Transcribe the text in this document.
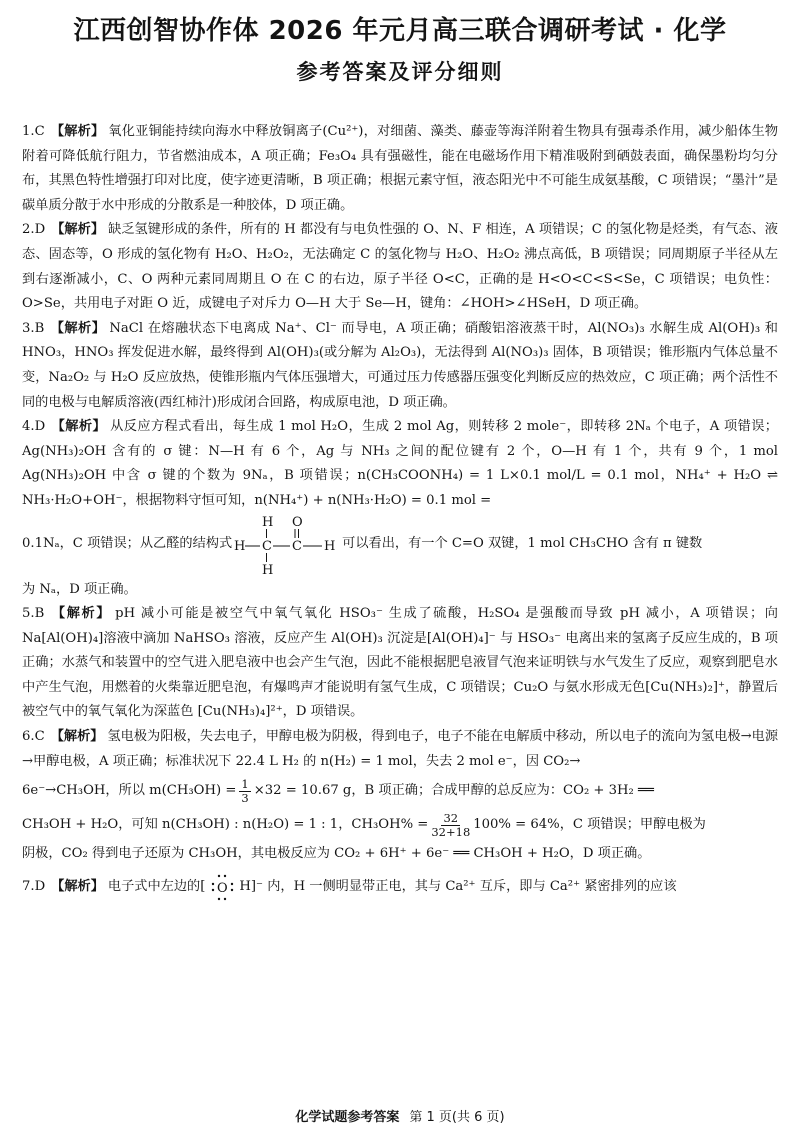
江西创智协作体 2026 年元月高三联合调研考试 · 化学
参考答案及评分细则

1.C 【解析】 氧化亚铜能持续向海水中释放铜离子(Cu²⁺)，对细菌、藻类、藤壶等海洋附着生物具有强毒杀作用，减少船体生物附着可降低航行阻力，节省燃油成本，A 项正确；Fe₃O₄ 具有强磁性，能在电磁场作用下精准吸附到硒鼓表面，确保墨粉均匀分布，其黑色特性增强打印对比度，使字迹更清晰，B 项正确；根据元素守恒，液态阳光中不可能生成氨基酸，C 项错误；“墨汁”是碳单质分散于水中形成的分散系是一种胶体，D 项正确。

2.D 【解析】 缺乏氢键形成的条件，所有的 H 都没有与电负性强的 O、N、F 相连，A 项错误；C 的氢化物是烃类，有气态、液态、固态等，O 形成的氢化物有 H₂O、H₂O₂，无法确定 C 的氢化物与 H₂O、H₂O₂ 沸点高低，B 项错误；同周期原子半径从左到右逐渐减小，C、O 两种元素同周期且 O 在 C 的右边，原子半径 O<C，正确的是 H<O<C<S<Se，C 项错误；电负性：O>Se，共用电子对距 O 近，成键电子对斥力 O—H 大于 Se—H，键角：∠HOH>∠HSeH，D 项正确。

3.B 【解析】 NaCl 在熔融状态下电离成 Na⁺、Cl⁻ 而导电，A 项正确；硝酸铝溶液蒸干时，Al(NO₃)₃ 水解生成 Al(OH)₃ 和 HNO₃，HNO₃ 挥发促进水解，最终得到 Al(OH)₃(或分解为 Al₂O₃)，无法得到 Al(NO₃)₃ 固体，B 项错误；锥形瓶内气体总量不变，Na₂O₂ 与 H₂O 反应放热，使锥形瓶内气体压强增大，可通过压力传感器压强变化判断反应的热效应，C 项正确；两个活性不同的电极与电解质溶液(西红柿汁)形成闭合回路，构成原电池，D 项正确。

4.D 【解析】 从反应方程式看出，每生成 1 mol H₂O，生成 2 mol Ag，则转移 2 mole⁻，即转移 2Nₐ 个电子，A 项错误；Ag(NH₃)₂OH 含有的 σ 键：N—H 有 6 个，Ag 与 NH₃ 之间的配位键有 2 个，O—H 有 1 个，共有 9 个，1 mol Ag(NH₃)₂OH 中含 σ 键的个数为 9Nₐ，B 项错误；n(CH₃COONH₄) = 1 L×0.1 mol/L = 0.1 mol，NH₄⁺ + H₂O ⇌ NH₃·H₂O+OH⁻，根据物料守恒可知，n(NH₄⁺) + n(NH₃·H₂O) = 0.1 mol =
0.1Nₐ，C 项错误；从乙醛的结构式 H C
H
H
C
O
H 可以看出，有一个 C=O 双键，1 mol CH₃CHO 含有 π 键数
为 Nₐ，D 项正确。

5.B 【解析】 pH 减小可能是被空气中氧气氧化 HSO₃⁻ 生成了硫酸，H₂SO₄ 是强酸而导致 pH 减小，A 项错误；向 Na[Al(OH)₄]溶液中滴加 NaHSO₃ 溶液，反应产生 Al(OH)₃ 沉淀是[Al(OH)₄]⁻ 与 HSO₃⁻ 电离出来的氢离子反应生成的，B 项正确；水蒸气和装置中的空气进入肥皂液中也会产生气泡，因此不能根据肥皂液冒气泡来证明铁与水气发生了反应，观察到肥皂水中产生气泡，用燃着的火柴靠近肥皂泡，有爆鸣声才能说明有氢气生成，C 项错误；Cu₂O 与氨水形成无色[Cu(NH₃)₂]⁺，静置后被空气中的氧气氧化为深蓝色 [Cu(NH₃)₄]²⁺，D 项错误。

6.C 【解析】 氢电极为阳极，失去电子，甲醇电极为阴极，得到电子，电子不能在电解质中移动，所以电子的流向为氢电极→电源→甲醇电极，A 项正确；标准状况下 22.4 L H₂ 的 n(H₂) = 1 mol，失去 2 mol e⁻，因 CO₂→
6e⁻→CH₃OH，所以 $m(CH_3OH) = \frac{1}{3} \times 32 = 10.67$ g，B 项正确；合成甲醇的总反应为：CO₂ + 3H₂ ══
CH₃OH + H₂O，可知 n(CH₃OH) : n(H₂O) = 1 : 1，$CH_3OH\% = \frac{32}{32+18} 100\% = 64\%$，C 项错误；甲醇电极为
阴极，CO₂ 得到电子还原为 CH₃OH，其电极反应为 CO₂ + 6H⁺ + 6e⁻ ══ CH₃OH + H₂O，D 项正确。
7. D 【解析】 电子式中左边的[ O H]⁻ 内，H 一侧明显带正电，其与 Ca²⁺ 互斥，即与 Ca²⁺ 紧密排列的应该
化学试题参考答案 第 1 页(共 6 页)
